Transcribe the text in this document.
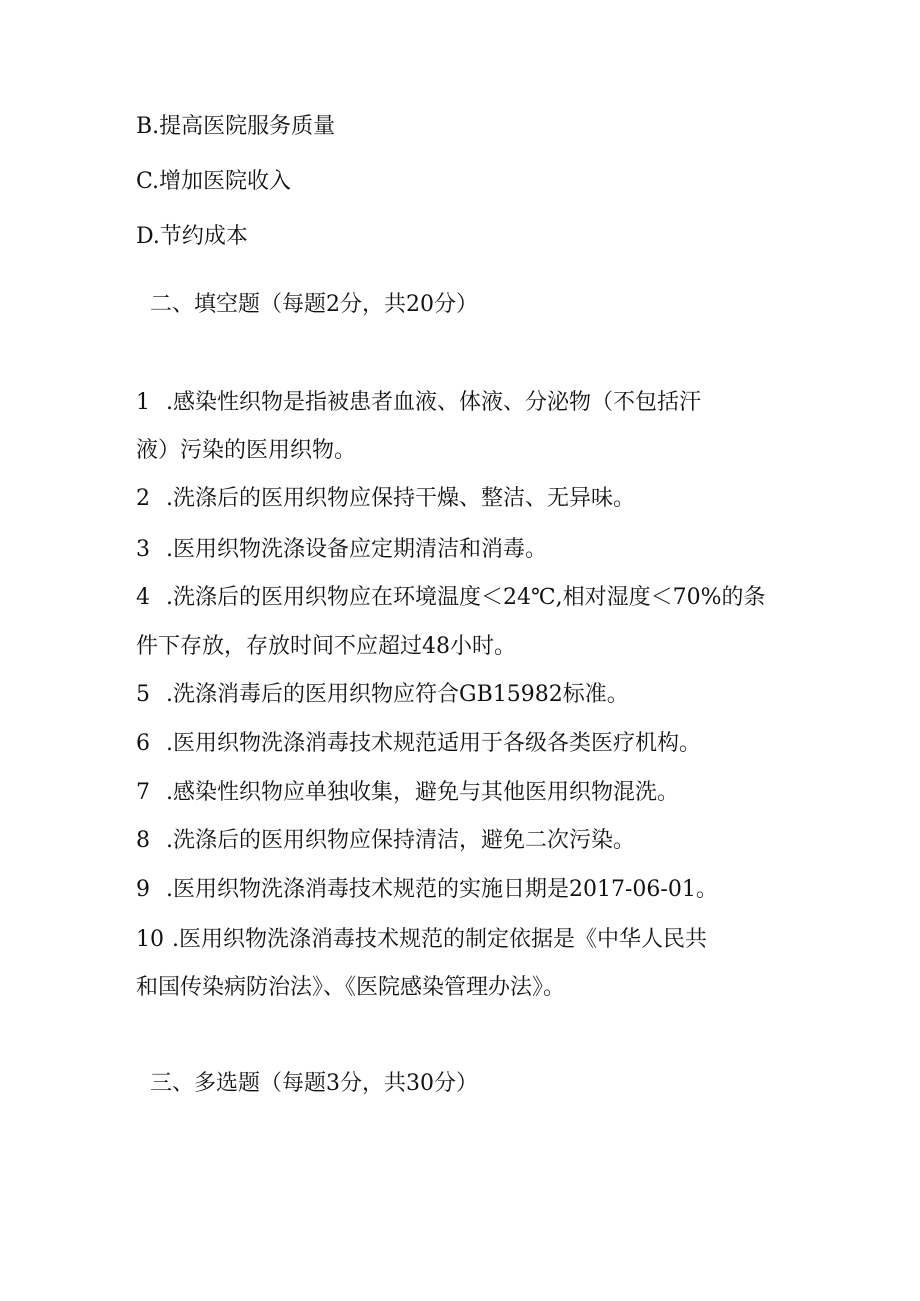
B.提高医院服务质量
C.增加医院收入
D.节约成本
二、填空题（每题2分，共20分）
1 .感染性织物是指被患者血液、体液、分泌物（不包括汗
液）污染的医用织物。
2 .洗涤后的医用织物应保持干燥、整洁、无异味。
3 .医用织物洗涤设备应定期清洁和消毒。
4 .洗涤后的医用织物应在环境温度＜24℃,相对湿度＜70%的条
件下存放，存放时间不应超过48小时。
5 .洗涤消毒后的医用织物应符合GB15982标准。
6 .医用织物洗涤消毒技术规范适用于各级各类医疗机构。
7 .感染性织物应单独收集，避免与其他医用织物混洗。
8 .洗涤后的医用织物应保持清洁，避免二次污染。
9 .医用织物洗涤消毒技术规范的实施日期是2017-06-01。
10 .医用织物洗涤消毒技术规范的制定依据是《中华人民共
和国传染病防治法》、《医院感染管理办法》。
三、多选题（每题3分，共30分）
